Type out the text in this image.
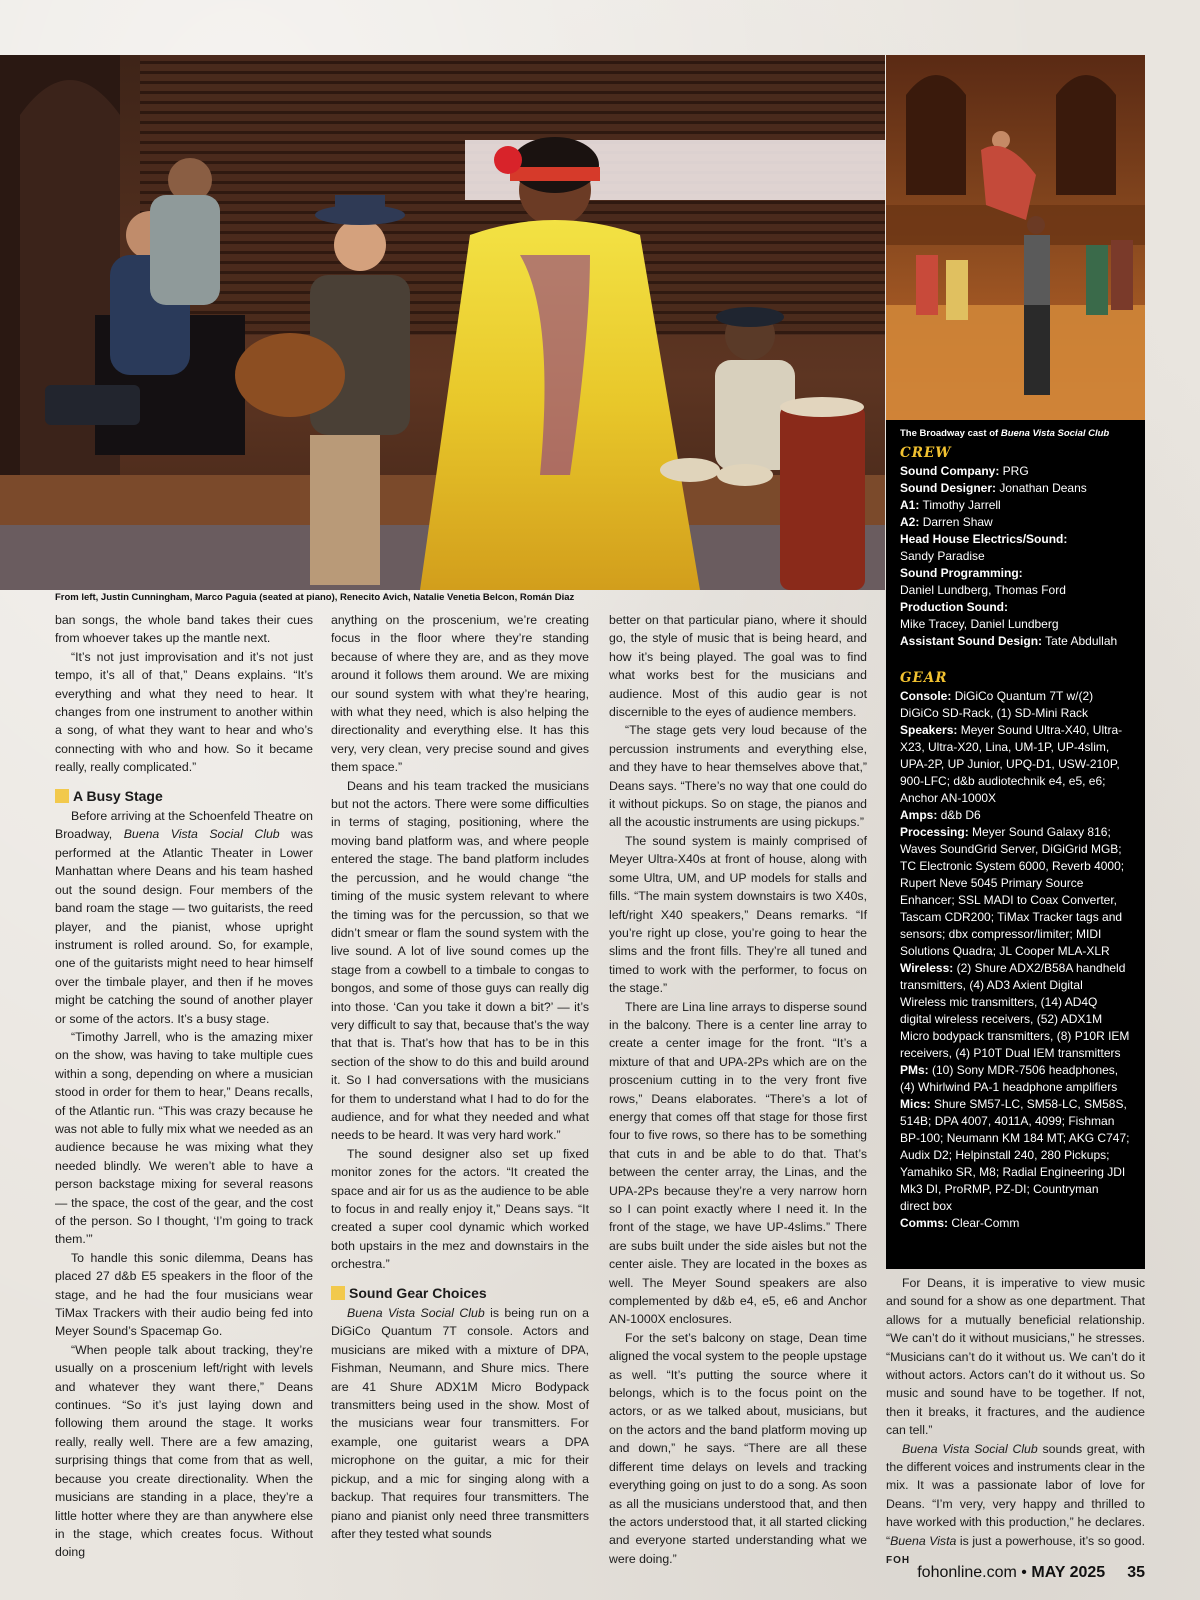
From left, Justin Cunningham, Marco Paguia (seated at piano), Renecito Avich, Natalie Venetia Belcon, Román Diaz
The Broadway cast of Buena Vista Social Club
CREW
Sound Company: PRG
Sound Designer: Jonathan Deans
A1: Timothy Jarrell
A2: Darren Shaw
Head House Electrics/Sound:
Sandy Paradise
Sound Programming:
Daniel Lundberg, Thomas Ford
Production Sound:
Mike Tracey, Daniel Lundberg
Assistant Sound Design: Tate Abdullah
GEAR
Console: DiGiCo Quantum 7T w/(2) DiGiCo SD-Rack, (1) SD-Mini Rack
Speakers: Meyer Sound Ultra-X40, Ultra-X23, Ultra-X20, Lina, UM-1P, UP-4slim, UPA-2P, UP Junior, UPQ-D1, USW-210P, 900-LFC; d&b audiotechnik e4, e5, e6; Anchor AN-1000X
Amps: d&b D6
Processing: Meyer Sound Galaxy 816; Waves SoundGrid Server, DiGiGrid MGB; TC Electronic System 6000, Reverb 4000; Rupert Neve 5045 Primary Source Enhancer; SSL MADI to Coax Converter, Tascam CDR200; TiMax Tracker tags and sensors; dbx compressor/limiter; MIDI Solutions Quadra; JL Cooper MLA-XLR
Wireless: (2) Shure ADX2/B58A handheld transmitters, (4) AD3 Axient Digital Wireless mic transmitters, (14) AD4Q digital wireless receivers, (52) ADX1M Micro bodypack transmitters, (8) P10R IEM receivers, (4) P10T Dual IEM transmitters
PMs: (10) Sony MDR-7506 headphones, (4) Whirlwind PA-1 headphone amplifiers
Mics: Shure SM57-LC, SM58-LC, SM58S, 514B; DPA 4007, 4011A, 4099; Fishman BP-100; Neumann KM 184 MT; AKG C747; Audix D2; Helpinstall 240, 280 Pickups; Yamahiko SR, M8; Radial Engineering JDI Mk3 DI, ProRMP, PZ-DI; Countryman direct box
Comms: Clear-Comm

ban songs, the whole band takes their cues from whoever takes up the mantle next.

“It’s not just improvisation and it’s not just tempo, it’s all of that,” Deans explains. “It’s everything and what they need to hear. It changes from one instrument to another within a song, of what they want to hear and who’s connecting with who and how. So it became really, really complicated.”

A Busy Stage

Before arriving at the Schoenfeld Theatre on Broadway, Buena Vista Social Club was performed at the Atlantic Theater in Lower Manhattan where Deans and his team hashed out the sound design. Four members of the band roam the stage — two guitarists, the reed player, and the pianist, whose upright instrument is rolled around. So, for example, one of the guitarists might need to hear himself over the timbale player, and then if he moves might be catching the sound of another player or some of the actors. It’s a busy stage.

“Timothy Jarrell, who is the amazing mixer on the show, was having to take multiple cues within a song, depending on where a musician stood in order for them to hear,” Deans recalls, of the Atlantic run. “This was crazy because he was not able to fully mix what we needed as an audience because he was mixing what they needed blindly. We weren’t able to have a person backstage mixing for several reasons — the space, the cost of the gear, and the cost of the person. So I thought, ‘I’m going to track them.’”

To handle this sonic dilemma, Deans has placed 27 d&b E5 speakers in the floor of the stage, and he had the four musicians wear TiMax Trackers with their audio being fed into Meyer Sound’s Spacemap Go.

“When people talk about tracking, they’re usually on a proscenium left/right with levels and whatever they want there,” Deans continues. “So it’s just laying down and following them around the stage. It works really, really well. There are a few amazing, surprising things that come from that as well, because you create directionality. When the musicians are standing in a place, they’re a little hotter where they are than anywhere else in the stage, which creates focus. Without doing

anything on the proscenium, we’re creating focus in the floor where they’re standing because of where they are, and as they move around it follows them around. We are mixing our sound system with what they’re hearing, with what they need, which is also helping the directionality and everything else. It has this very, very clean, very precise sound and gives them space.”

Deans and his team tracked the musicians but not the actors. There were some difficulties in terms of staging, positioning, where the moving band platform was, and where people entered the stage. The band platform includes the percussion, and he would change “the timing of the music system relevant to where the timing was for the percussion, so that we didn’t smear or flam the sound system with the live sound. A lot of live sound comes up the stage from a cowbell to a timbale to congas to bongos, and some of those guys can really dig into those. ‘Can you take it down a bit?’ — it’s very difficult to say that, because that’s the way that that is. That’s how that has to be in this section of the show to do this and build around it. So I had conversations with the musicians for them to understand what I had to do for the audience, and for what they needed and what needs to be heard. It was very hard work.”

The sound designer also set up fixed monitor zones for the actors. “It created the space and air for us as the audience to be able to focus in and really enjoy it,” Deans says. “It created a super cool dynamic which worked both upstairs in the mez and downstairs in the orchestra.”

Sound Gear Choices

Buena Vista Social Club is being run on a DiGiCo Quantum 7T console. Actors and musicians are miked with a mixture of DPA, Fishman, Neumann, and Shure mics. There are 41 Shure ADX1M Micro Bodypack transmitters being used in the show. Most of the musicians wear four transmitters. For example, one guitarist wears a DPA microphone on the guitar, a mic for their pickup, and a mic for singing along with a backup. That requires four transmitters. The piano and pianist only need three transmitters after they tested what sounds

better on that particular piano, where it should go, the style of music that is being heard, and how it’s being played. The goal was to find what works best for the musicians and audience. Most of this audio gear is not discernible to the eyes of audience members.

“The stage gets very loud because of the percussion instruments and everything else, and they have to hear themselves above that,” Deans says. “There’s no way that one could do it without pickups. So on stage, the pianos and all the acoustic instruments are using pickups.”

The sound system is mainly comprised of Meyer Ultra-X40s at front of house, along with some Ultra, UM, and UP models for stalls and fills. “The main system downstairs is two X40s, left/right X40 speakers,” Deans remarks. “If you’re right up close, you’re going to hear the slims and the front fills. They’re all tuned and timed to work with the performer, to focus on the stage.”

There are Lina line arrays to disperse sound in the balcony. There is a center line array to create a center image for the front. “It’s a mixture of that and UPA-2Ps which are on the proscenium cutting in to the very front five rows,” Deans elaborates. “There’s a lot of energy that comes off that stage for those first four to five rows, so there has to be something that cuts in and be able to do that. That’s between the center array, the Linas, and the UPA-2Ps because they’re a very narrow horn so I can point exactly where I need it. In the front of the stage, we have UP-4slims.” There are subs built under the side aisles but not the center aisle. They are located in the boxes as well. The Meyer Sound speakers are also complemented by d&b e4, e5, e6 and Anchor AN-1000X enclosures.

For the set’s balcony on stage, Dean time aligned the vocal system to the people upstage as well. “It’s putting the source where it belongs, which is to the focus point on the actors, or as we talked about, musicians, but on the actors and the band platform moving up and down,” he says. “There are all these different time delays on levels and tracking everything going on just to do a song. As soon as all the musicians understood that, and then the actors understood that, it all started clicking and everyone started understanding what we were doing.”

For Deans, it is imperative to view music and sound for a show as one department. That allows for a mutually beneficial relationship. “We can’t do it without musicians,” he stresses. “Musicians can’t do it without us. We can’t do it without actors. Actors can’t do it without us. So music and sound have to be together. If not, then it breaks, it fractures, and the audience can tell.”

Buena Vista Social Club sounds great, with the different voices and instruments clear in the mix. It was a passionate labor of love for Deans. “I’m very, very happy and thrilled to have worked with this production,” he declares. “Buena Vista is just a powerhouse, it’s so good. FOH

fohonline.com • MAY 2025 35
